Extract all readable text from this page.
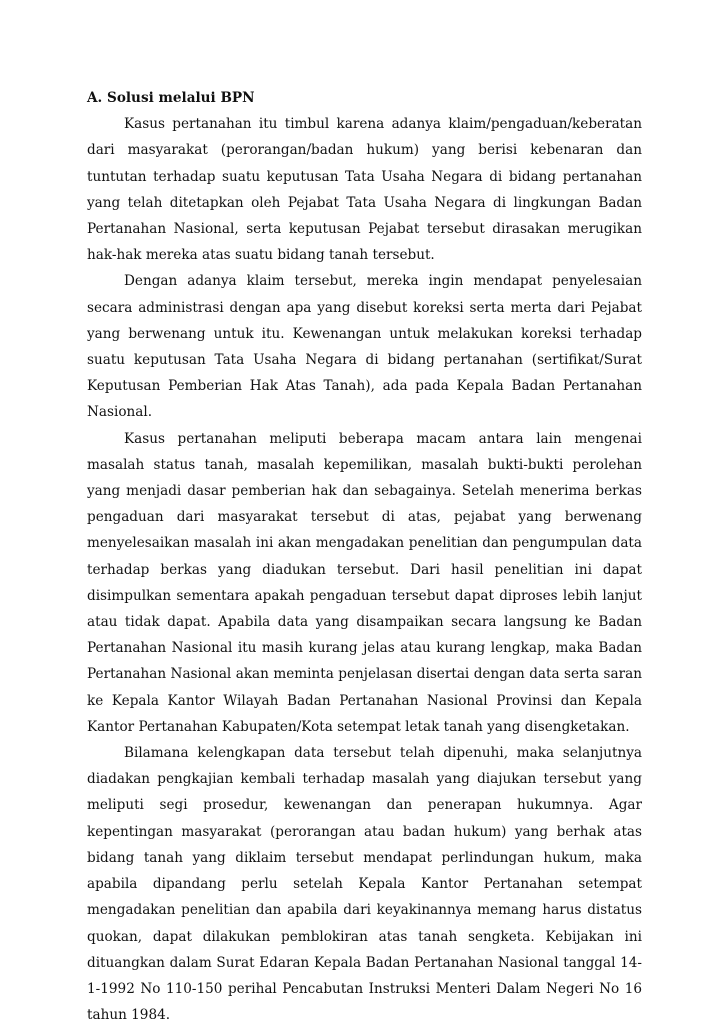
A. Solusi melalui BPN

Kasus pertanahan itu timbul karena adanya klaim/pengaduan/keberatan dari masyarakat (perorangan/badan hukum) yang berisi kebenaran dan tuntutan terhadap suatu keputusan Tata Usaha Negara di bidang pertanahan yang telah ditetapkan oleh Pejabat Tata Usaha Negara di lingkungan Badan Pertanahan Nasional, serta keputusan Pejabat tersebut dirasakan merugikan hak-hak mereka atas suatu bidang tanah tersebut.

Dengan adanya klaim tersebut, mereka ingin mendapat penyelesaian secara administrasi dengan apa yang disebut koreksi serta merta dari Pejabat yang berwenang untuk itu. Kewenangan untuk melakukan koreksi terhadap suatu keputusan Tata Usaha Negara di bidang pertanahan (sertifikat/Surat Keputusan Pemberian Hak Atas Tanah), ada pada Kepala Badan Pertanahan Nasional.

Kasus pertanahan meliputi beberapa macam antara lain mengenai masalah status tanah, masalah kepemilikan, masalah bukti-bukti perolehan yang menjadi dasar pemberian hak dan sebagainya. Setelah menerima berkas pengaduan dari masyarakat tersebut di atas, pejabat yang berwenang menyelesaikan masalah ini akan mengadakan penelitian dan pengumpulan data terhadap berkas yang diadukan tersebut. Dari hasil penelitian ini dapat disimpulkan sementara apakah pengaduan tersebut dapat diproses lebih lanjut atau tidak dapat. Apabila data yang disampaikan secara langsung ke Badan Pertanahan Nasional itu masih kurang jelas atau kurang lengkap, maka Badan Pertanahan Nasional akan meminta penjelasan disertai dengan data serta saran ke Kepala Kantor Wilayah Badan Pertanahan Nasional Provinsi dan Kepala Kantor Pertanahan Kabupaten/Kota setempat letak tanah yang disengketakan.

Bilamana kelengkapan data tersebut telah dipenuhi, maka selanjutnya diadakan pengkajian kembali terhadap masalah yang diajukan tersebut yang meliputi segi prosedur, kewenangan dan penerapan hukumnya. Agar kepentingan masyarakat (perorangan atau badan hukum) yang berhak atas bidang tanah yang diklaim tersebut mendapat perlindungan hukum, maka apabila dipandang perlu setelah Kepala Kantor Pertanahan setempat mengadakan penelitian dan apabila dari keyakinannya memang harus distatus quokan, dapat dilakukan pemblokiran atas tanah sengketa. Kebijakan ini dituangkan dalam Surat Edaran Kepala Badan Pertanahan Nasional tanggal 14-1-1992 No 110-150 perihal Pencabutan Instruksi Menteri Dalam Negeri No 16 tahun 1984.
